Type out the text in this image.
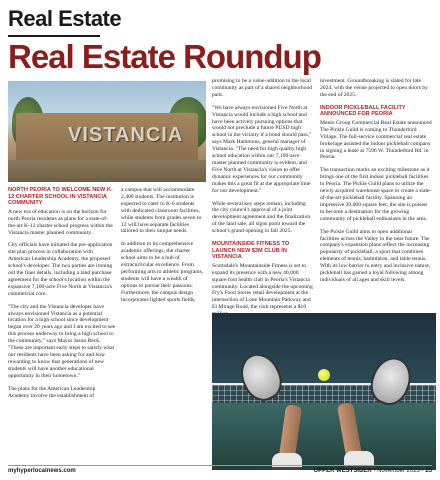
Real Estate
Real Estate Roundup
VISTANCIA
NORTH PEORIA TO WELCOME NEW K-12 CHARTER SCHOOL IN VISTANCIA COMMUNITY

A new era of education is on the horizon for north Peoria residents as plans for a state-of-the-art K-12 charter school progress within the Vistancia master planned community.

City officials have initiated the pre-application site plan process in collaboration with American Leadership Academy, the proposed school's developer. The two parties are ironing out the finer details, including a land purchase agreement for the school's location within the expansive 7,100-acre Five North at Vistancia's commercial core.

"The city and the Vistancia developer have always envisioned Vistancia as a potential location for a high school since development began over 20 years ago and I am excited to see this process underway to bring a high school to the community," says Mayor Jason Beck. "These are important early steps to satisfy what our residents have been asking for and how rewarding to know that generations of new students will have another educational opportunity in their hometown."

The plans for the American Leadership Academy involve the establishment of

a campus that will accommodate 2,400 students. The institution is expected to cater to K-6 students with dedicated classroom facilities, while students from grades seven to 12 will have separate facilities tailored to their unique needs.

In addition to its comprehensive academic offerings, the charter school aims to be a hub of extracurricular excellence. From performing arts to athletic programs, students will have a wealth of options to pursue their passions. Furthermore, the campus design incorporates lighted sports fields,

promising to be a value-addition to the local community as part of a shared neighborhood park.

"We have always envisioned Five North at Vistancia would include a high school and have been actively pursuing options that would not preclude a future PUSD high school in the vicinity if a bond should pass," says Mark Hammons, general manager of Vistancia. "The need for high quality high school education within our 7,100-acre master planned community is evident, and Five North at Vistancia's vision to offer dynamic experiences for our community makes this a great fit at the appropriate time for our development."

While several key steps remain, including the city council's approval of a joint development agreement and the finalization of the land sale, all signs point toward the school's grand opening in fall 2025.

MOUNTAINSIDE FITNESS TO LAUNCH NEW $3M CLUB IN VISTANCIA

Scottsdale's Mountainside Fitness is set to expand its presence with a new 40,000 square foot health club in Peoria's Vistancia community. Located alongside the upcoming Fry's Food Stores retail development at the intersection of Lone Mountain Parkway and El Mirage Road, the club represents a $10

investment. Groundbreaking is slated for late 2024, with the venue projected to open doors by the end of 2025.

INDOOR PICKLEBALL FACILITY ANNOUNCED FOR PEORIA

Menlo Group Commercial Real Estate announced The Pickle Guild is coming to Thunderbird Village. The full-service commercial real estate brokerage assisted the indoor pickleball company in signing a lease at 7596 W. Thunderbird Rd. in Peoria.

The transaction marks an exciting milestone as it brings one of the first indoor pickleball facilities to Peoria. The Pickle Guild plans to utilize the newly acquired warehouse space to create a state-of-the-art pickleball facility. Spanning an impressive 20,000 square feet, the site is poised to become a destination for the growing community of pickleball enthusiasts in the area.

The Pickle Guild aims to open additional facilities across the Valley in the near future. The company's expansion plans reflect the increasing popularity of pickleball, a sport that combines elements of tennis, badminton, and table tennis. With its low barrier to entry and inclusive nature, pickleball has gained a loyal following among individuals of all ages and skill levels.

myhyperlocalnews.com	UPPER WESTSIDER • November 2023 • 25
